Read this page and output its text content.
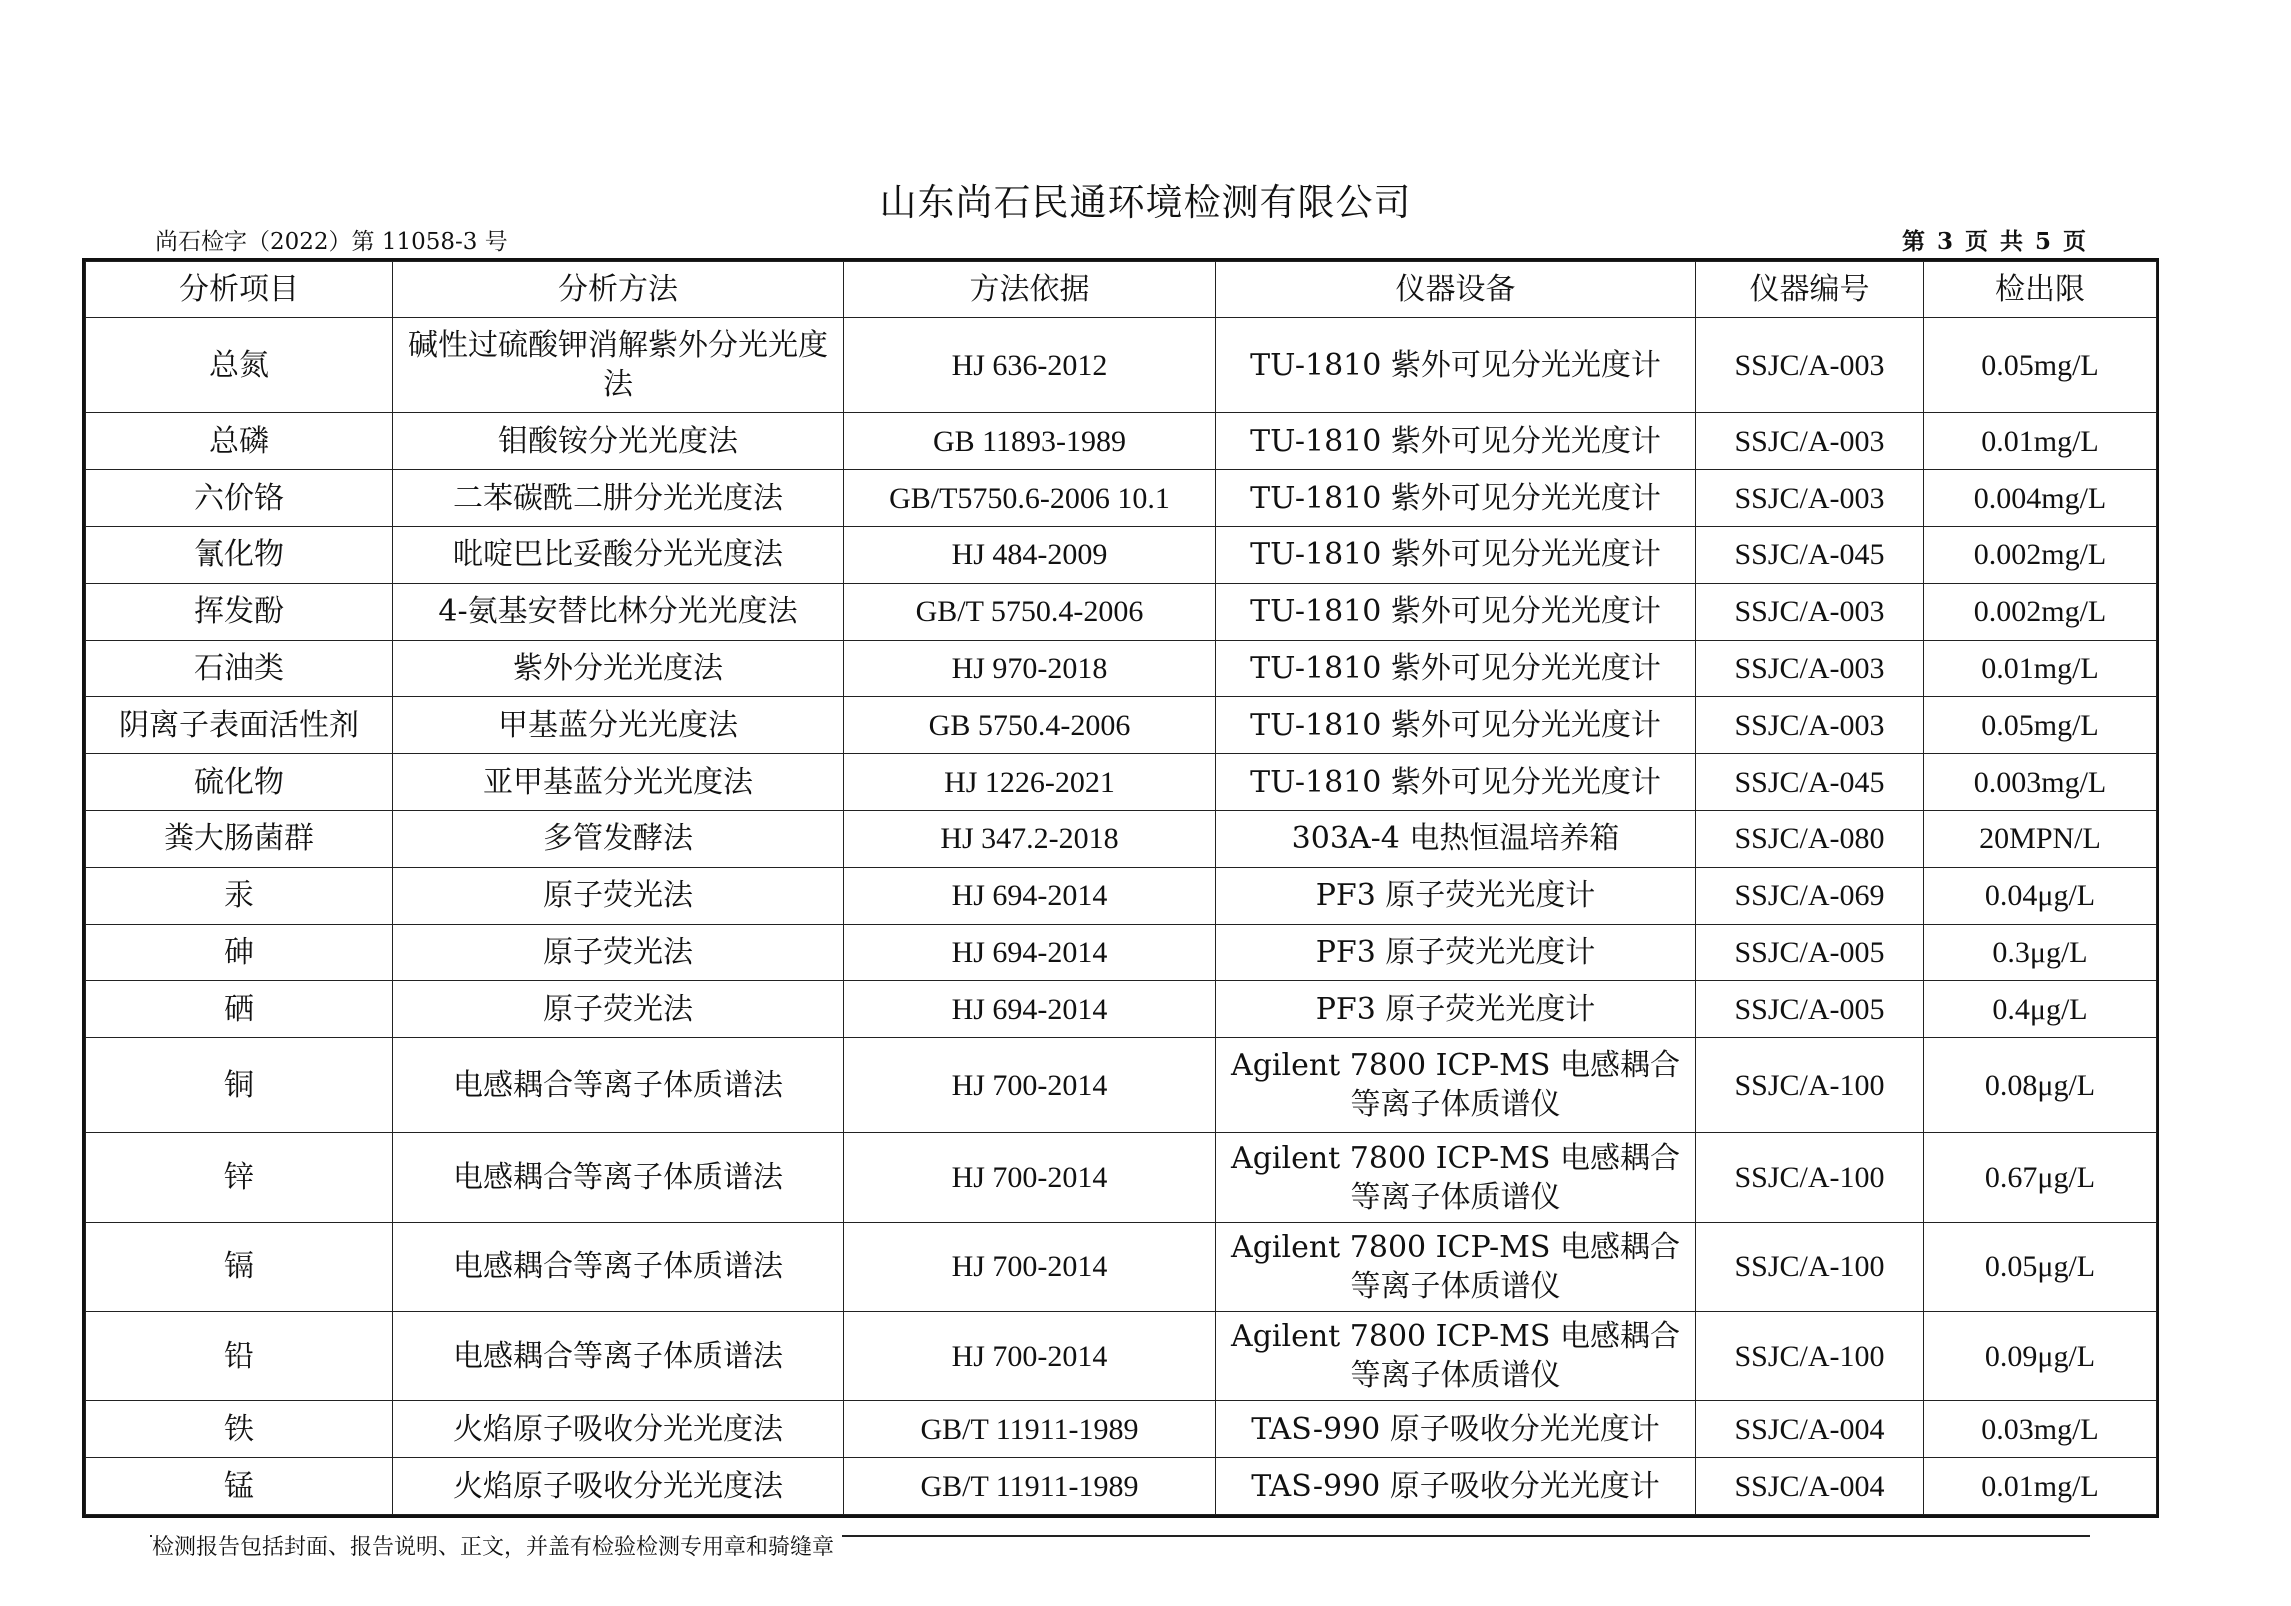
山东尚石民通环境检测有限公司
尚石检字（2022）第 11058-3 号	第 3 页 共 5 页
分析项目	分析方法	方法依据	仪器设备	仪器编号	检出限
总氮	碱性过硫酸钾消解紫外分光光度法	HJ 636-2012	TU-1810 紫外可见分光光度计	SSJC/A-003	0.05mg/L
总磷	钼酸铵分光光度法	GB 11893-1989	TU-1810 紫外可见分光光度计	SSJC/A-003	0.01mg/L
六价铬	二苯碳酰二肼分光光度法	GB/T5750.6-2006 10.1	TU-1810 紫外可见分光光度计	SSJC/A-003	0.004mg/L
氰化物	吡啶巴比妥酸分光光度法	HJ 484-2009	TU-1810 紫外可见分光光度计	SSJC/A-045	0.002mg/L
挥发酚	4-氨基安替比林分光光度法	GB/T 5750.4-2006	TU-1810 紫外可见分光光度计	SSJC/A-003	0.002mg/L
石油类	紫外分光光度法	HJ 970-2018	TU-1810 紫外可见分光光度计	SSJC/A-003	0.01mg/L
阴离子表面活性剂	甲基蓝分光光度法	GB 5750.4-2006	TU-1810 紫外可见分光光度计	SSJC/A-003	0.05mg/L
硫化物	亚甲基蓝分光光度法	HJ 1226-2021	TU-1810 紫外可见分光光度计	SSJC/A-045	0.003mg/L
粪大肠菌群	多管发酵法	HJ 347.2-2018	303A-4 电热恒温培养箱	SSJC/A-080	20MPN/L
汞	原子荧光法	HJ 694-2014	PF3 原子荧光光度计	SSJC/A-069	0.04μg/L
砷	原子荧光法	HJ 694-2014	PF3 原子荧光光度计	SSJC/A-005	0.3μg/L
硒	原子荧光法	HJ 694-2014	PF3 原子荧光光度计	SSJC/A-005	0.4μg/L
铜	电感耦合等离子体质谱法	HJ 700-2014	Agilent 7800 ICP-MS 电感耦合等离子体质谱仪	SSJC/A-100	0.08μg/L
锌	电感耦合等离子体质谱法	HJ 700-2014	Agilent 7800 ICP-MS 电感耦合等离子体质谱仪	SSJC/A-100	0.67μg/L
镉	电感耦合等离子体质谱法	HJ 700-2014	Agilent 7800 ICP-MS 电感耦合等离子体质谱仪	SSJC/A-100	0.05μg/L
铅	电感耦合等离子体质谱法	HJ 700-2014	Agilent 7800 ICP-MS 电感耦合等离子体质谱仪	SSJC/A-100	0.09μg/L
铁	火焰原子吸收分光光度法	GB/T 11911-1989	TAS-990 原子吸收分光光度计	SSJC/A-004	0.03mg/L
锰	火焰原子吸收分光光度法	GB/T 11911-1989	TAS-990 原子吸收分光光度计	SSJC/A-004	0.01mg/L
检测报告包括封面、报告说明、正文，并盖有检验检测专用章和骑缝章
